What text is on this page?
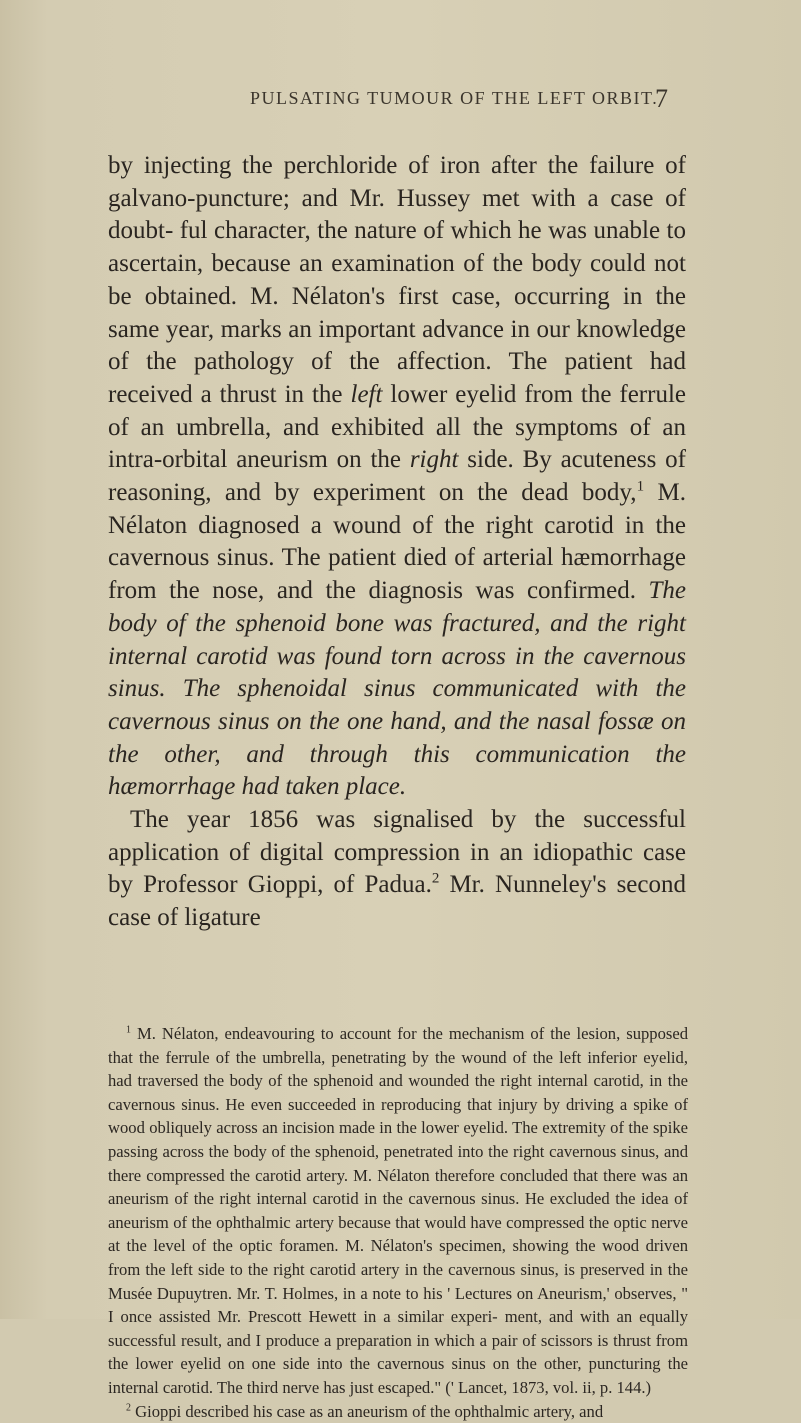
PULSATING TUMOUR OF THE LEFT ORBIT.
7

by injecting the perchloride of iron after the failure of galvano-puncture; and Mr. Hussey met with a case of doubt- ful character, the nature of which he was unable to ascertain, because an examination of the body could not be obtained. M. Nélaton's first case, occurring in the same year, marks an important advance in our knowledge of the pathology of the affection. The patient had received a thrust in the left lower eyelid from the ferrule of an umbrella, and exhibited all the symptoms of an intra-orbital aneurism on the right side. By acuteness of reasoning, and by experiment on the dead body,$^1$ M. Nélaton diagnosed a wound of the right carotid in the cavernous sinus. The patient died of arterial hæmorrhage from the nose, and the diagnosis was confirmed. The body of the sphenoid bone was fractured, and the right internal carotid was found torn across in the cavernous sinus. The sphenoidal sinus communicated with the cavernous sinus on the one hand, and the nasal fossæ on the other, and through this communication the hæmorrhage had taken place.

The year 1856 was signalised by the successful application of digital compression in an idiopathic case by Professor Gioppi, of Padua.$^2$ Mr. Nunneley's second case of ligature

$^1$ M. Nélaton, endeavouring to account for the mechanism of the lesion, supposed that the ferrule of the umbrella, penetrating by the wound of the left inferior eyelid, had traversed the body of the sphenoid and wounded the right internal carotid, in the cavernous sinus. He even succeeded in reproducing that injury by driving a spike of wood obliquely across an incision made in the lower eyelid. The extremity of the spike passing across the body of the sphenoid, penetrated into the right cavernous sinus, and there compressed the carotid artery. M. Nélaton therefore concluded that there was an aneurism of the right internal carotid in the cavernous sinus. He excluded the idea of aneurism of the ophthalmic artery because that would have compressed the optic nerve at the level of the optic foramen. M. Nélaton's specimen, showing the wood driven from the left side to the right carotid artery in the cavernous sinus, is preserved in the Musée Dupuytren. Mr. T. Holmes, in a note to his ' Lectures on Aneurism,' observes, " I once assisted Mr. Prescott Hewett in a similar experi- ment, and with an equally successful result, and I produce a preparation in which a pair of scissors is thrust from the lower eyelid on one side into the cavernous sinus on the other, puncturing the internal carotid. The third nerve has just escaped." (' Lancet, 1873, vol. ii, p. 144.)

$^2$ Gioppi described his case as an aneurism of the ophthalmic artery, and
